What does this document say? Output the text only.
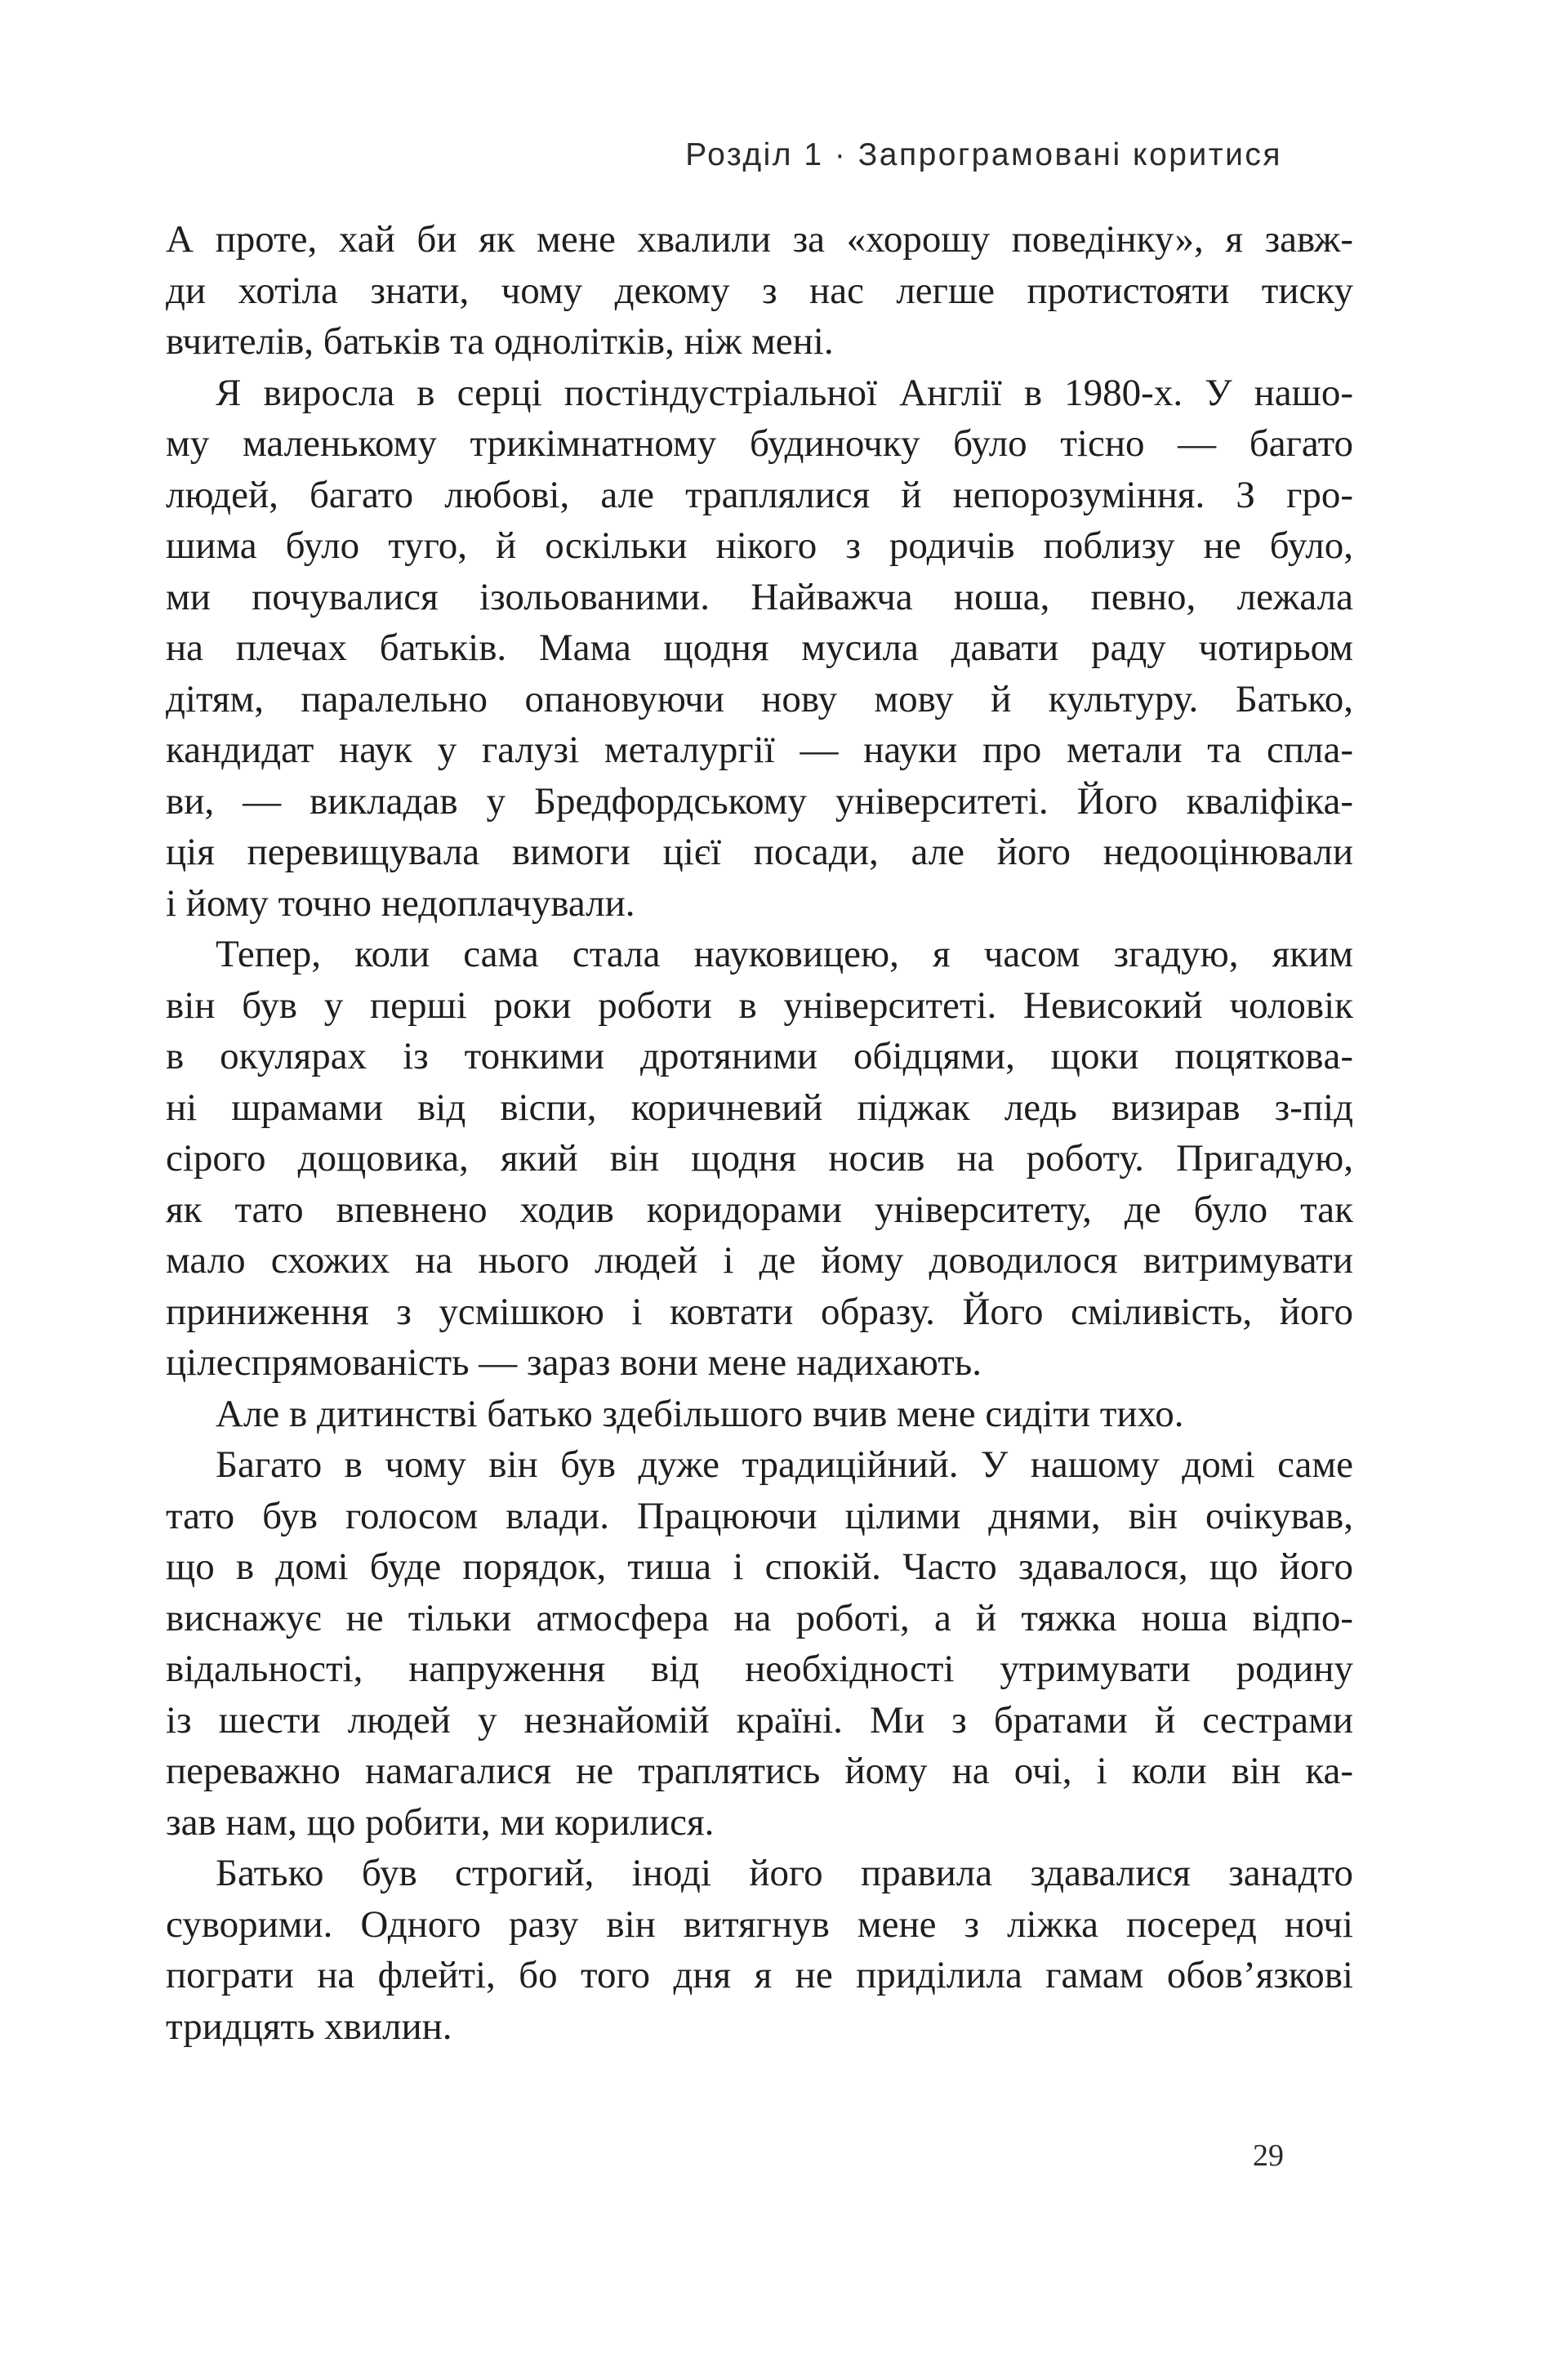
Розділ 1 · Запрограмовані коритися
А проте, хай би як мене хвалили за «хорошу поведінку», я завж-
ди хотіла знати, чому декому з нас легше протистояти тиску
вчителів, батьків та однолітків, ніж мені.
Я виросла в серці постіндустріальної Англії в 1980-х. У нашо-
му маленькому трикімнатному будиночку було тісно — багато
людей, багато любові, але траплялися й непорозуміння. З гро-
шима було туго, й оскільки нікого з родичів поблизу не було,
ми почувалися ізольованими. Найважча ноша, певно, лежала
на плечах батьків. Мама щодня мусила давати раду чотирьом
дітям, паралельно опановуючи нову мову й культуру. Батько,
кандидат наук у галузі металургії — науки про метали та спла-
ви, — викладав у Бредфордському університеті. Його кваліфіка-
ція перевищувала вимоги цієї посади, але його недооцінювали
і йому точно недоплачували.
Тепер, коли сама стала науковицею, я часом згадую, яким
він був у перші роки роботи в університеті. Невисокий чоловік
в окулярах із тонкими дротяними обідцями, щоки поцятковa-
ні шрамами від віспи, коричневий піджак ледь визирав з-під
сірого дощовика, який він щодня носив на роботу. Пригадую,
як тато впевнено ходив коридорами університету, де було так
мало схожих на нього людей і де йому доводилося витримувати
приниження з усмішкою і ковтати образу. Його сміливість, його
цілеспрямованість — зараз вони мене надихають.
Але в дитинстві батько здебільшого вчив мене сидіти тихо.
Багато в чому він був дуже традиційний. У нашому домі саме
тато був голосом влади. Працюючи цілими днями, він очікував,
що в домі буде порядок, тиша і спокій. Часто здавалося, що його
виснажує не тільки атмосфера на роботі, а й тяжка ноша відпо-
відальності, напруження від необхідності утримувати родину
із шести людей у незнайомій країні. Ми з братами й сестрами
переважно намагалися не траплятись йому на очі, і коли він ка-
зав нам, що робити, ми корилися.
Батько був строгий, іноді його правила здавалися занадто
суворими. Одного разу він витягнув мене з ліжка посеред ночі
пограти на флейті, бо того дня я не приділила гамам обов’язкові
тридцять хвилин.
29
